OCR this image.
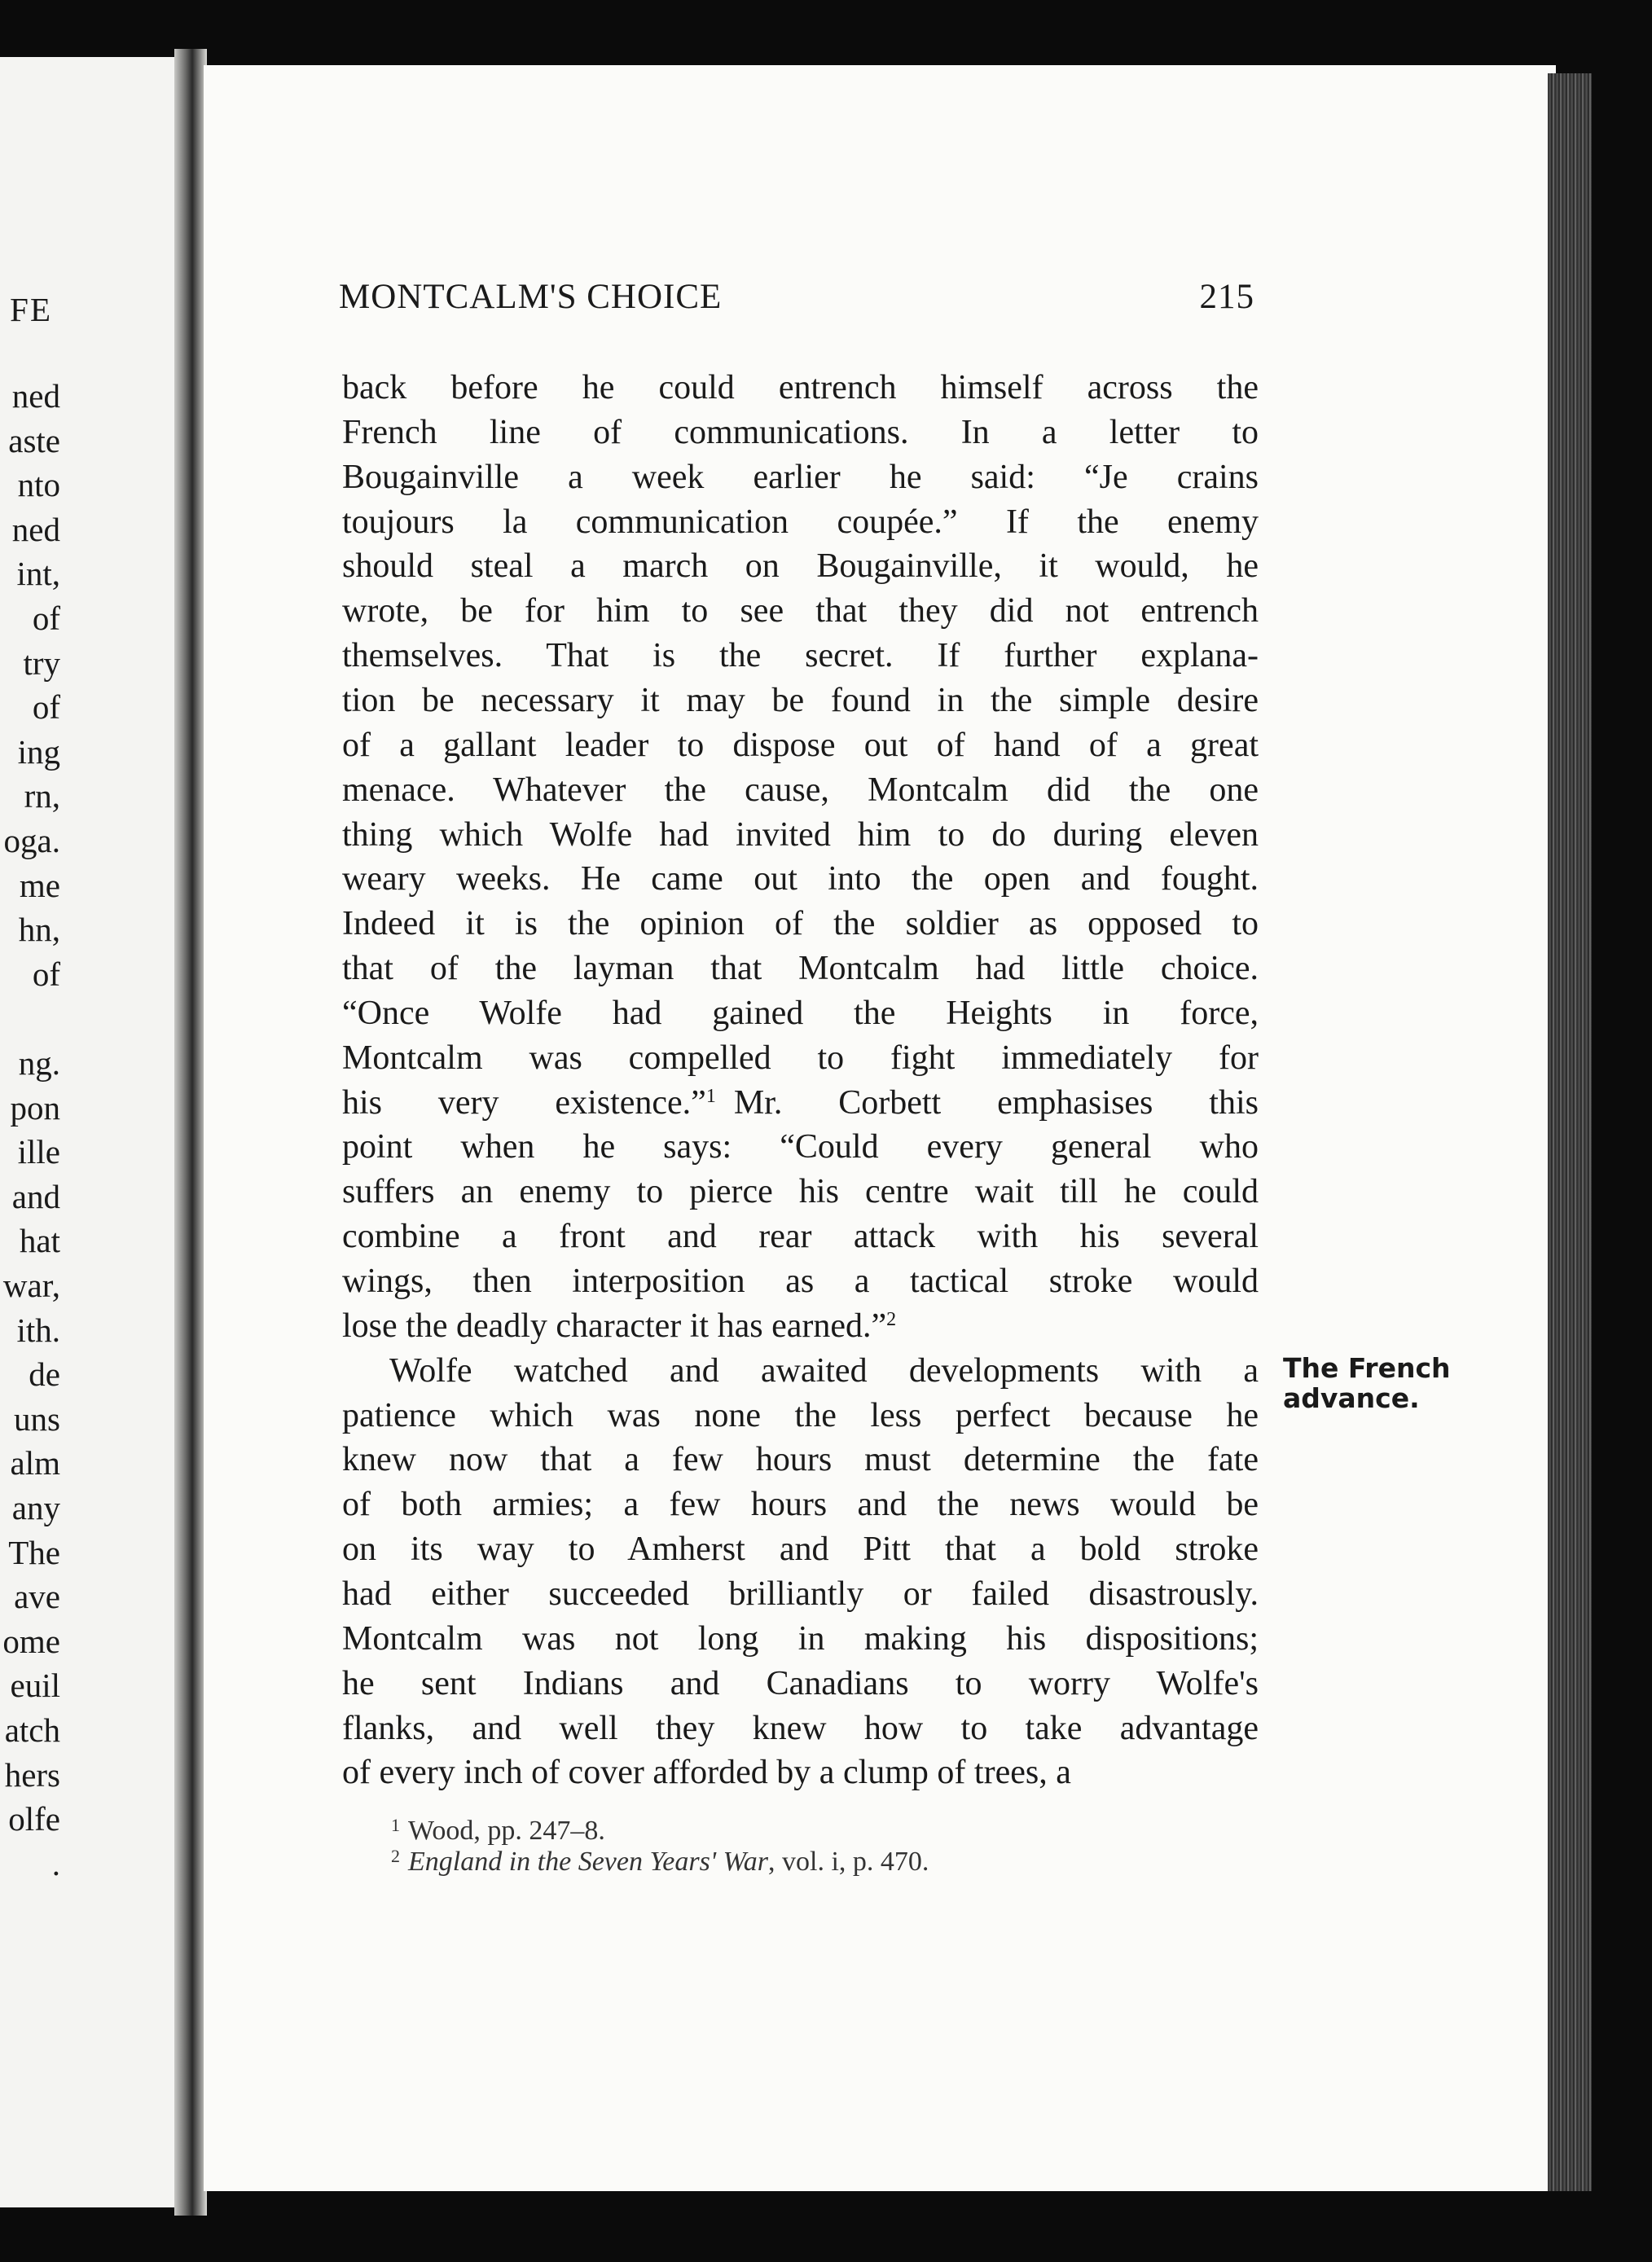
FE
ned
aste
nto
ned
int,
of
try
of
ing
rn,
oga.
me
hn,
of
ng.
pon
ille
and
hat
war,
ith.
de
uns
alm
any
The
ave
ome
euil
atch
hers
olfe
.
MONTCALM'S CHOICE	215
back before he could entrench himself across the
French line of communications. In a letter to
Bougainville a week earlier he said: “Je crains
toujours la communication coupée.” If the enemy
should steal a march on Bougainville, it would, he
wrote, be for him to see that they did not entrench
themselves. That is the secret. If further explana-
tion be necessary it may be found in the simple desire
of a gallant leader to dispose out of hand of a great
menace. Whatever the cause, Montcalm did the one
thing which Wolfe had invited him to do during eleven
weary weeks. He came out into the open and fought.
Indeed it is the opinion of the soldier as opposed to
that of the layman that Montcalm had little choice.
“Once Wolfe had gained the Heights in force,
Montcalm was compelled to fight immediately for
his very existence.”$^1$ Mr. Corbett emphasises this
point when he says: “Could every general who
suffers an enemy to pierce his centre wait till he could
combine a front and rear attack with his several
wings, then interposition as a tactical stroke would
lose the deadly character it has earned.”$^2$
Wolfe watched and awaited developments with a
patience which was none the less perfect because he
knew now that a few hours must determine the fate
of both armies; a few hours and the news would be
on its way to Amherst and Pitt that a bold stroke
had either succeeded brilliantly or failed disastrously.
Montcalm was not long in making his dispositions;
he sent Indians and Canadians to worry Wolfe's
flanks, and well they knew how to take advantage
of every inch of cover afforded by a clump of trees, a
The French
advance.
$^1$ Wood, pp. 247–8.
$^2$ England in the Seven Years' War, vol. i, p. 470.
